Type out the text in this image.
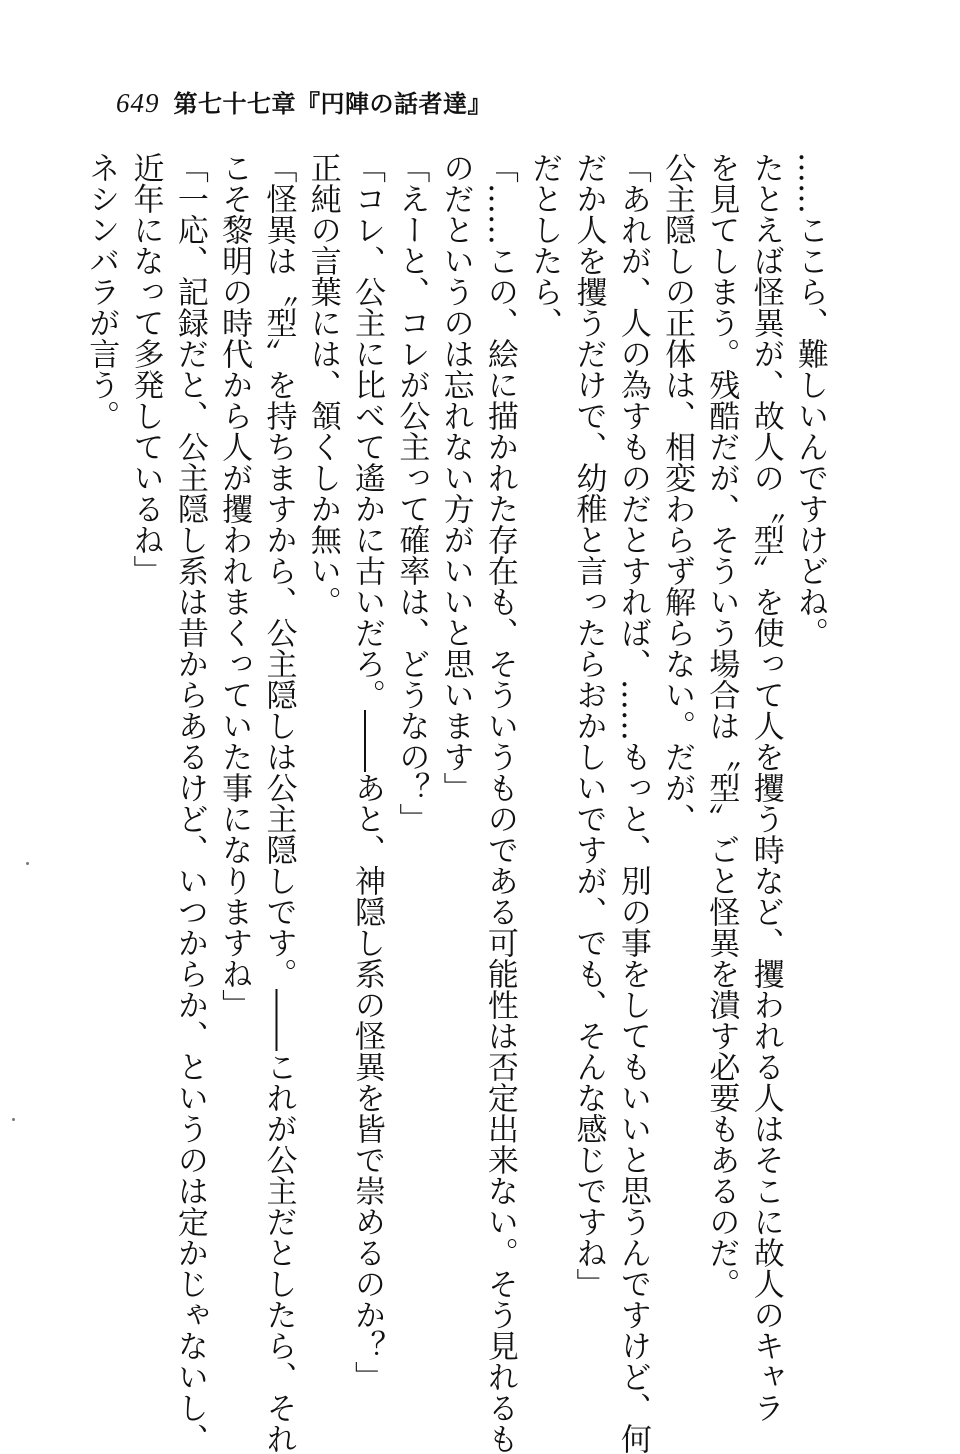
649 第七十七章『円陣の話者達』
……ここら、難しいんですけどね。
たとえば怪異が、故人の〝型〟を使って人を攫う時など、攫われる人はそこに故人のキャラ
を見てしまう。残酷だが、そういう場合は〝型〟ごと怪異を潰す必要もあるのだ。
公主隠しの正体は、相変わらず解らない。だが、
「あれが、人の為すものだとすれば、……もっと、別の事をしてもいいと思うんですけど、何
だか人を攫うだけで、幼稚と言ったらおかしいですが、でも、そんな感じですね」
だとしたら、
「……この、絵に描かれた存在も、そういうものである可能性は否定出来ない。そう見れるも
のだというのは忘れない方がいいと思います」
「えーと、コレが公主って確率は、どうなの？」
「コレ、公主に比べて遙かに古いだろ。――あと、神隠し系の怪異を皆で崇めるのか？」
正純の言葉には、頷くしか無い。
「怪異は〝型〟を持ちますから、公主隠しは公主隠しです。――これが公主だとしたら、それ
こそ黎明の時代から人が攫われまくっていた事になりますね」
「一応、記録だと、公主隠し系は昔からあるけど、いつからか、というのは定かじゃないし、
近年になって多発しているね」
ネシンバラが言う。
